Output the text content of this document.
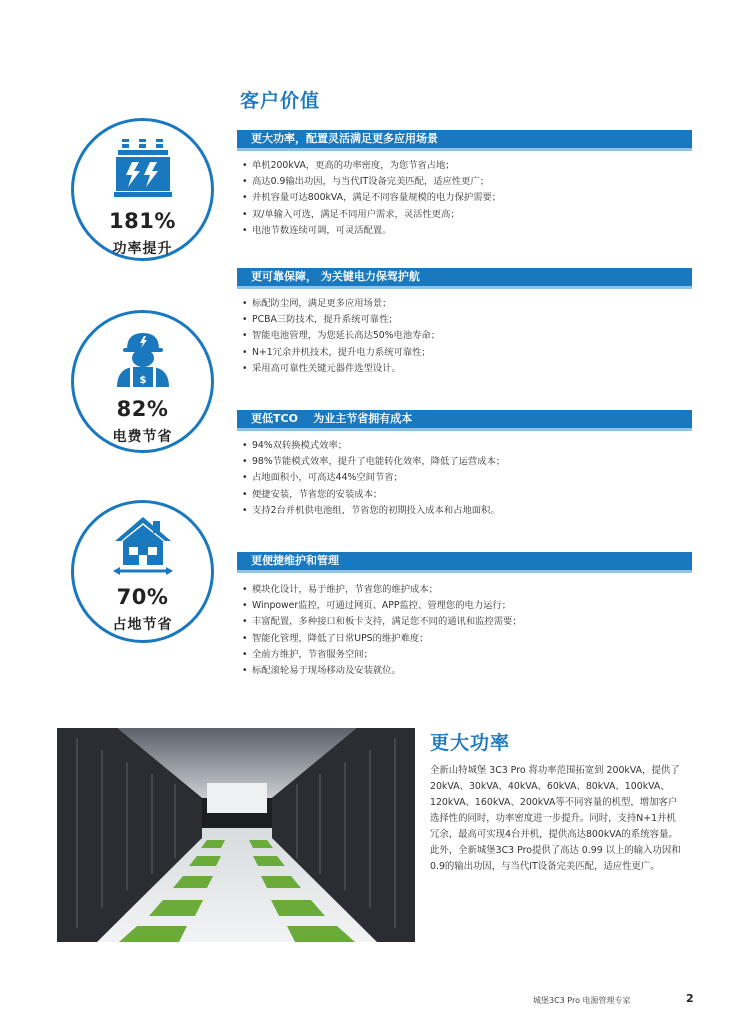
客户价值
181%
功率提升
$
82%
电费节省
70%
占地节省
更大功率，配置灵活满足更多应用场景
• 单机200kVA，更高的功率密度，为您节省占地；
• 高达0.9输出功因，与当代IT设备完美匹配，适应性更广；
• 并机容量可达800kVA，满足不同容量规模的电力保护需要；
• 双/单输入可选，满足不同用户需求，灵活性更高；
• 电池节数连续可调，可灵活配置。
更可靠保障， 为关键电力保驾护航
• 标配防尘网，满足更多应用场景；
• PCBA三防技术，提升系统可靠性；
• 智能电池管理，为您延长高达50%电池寿命；
• N+1冗余并机技术，提升电力系统可靠性；
• 采用高可靠性关键元器件选型设计。
更低TCO    为业主节省拥有成本
• 94%双转换模式效率；
• 98%节能模式效率，提升了电能转化效率，降低了运营成本；
• 占地面积小，可高达44%空间节省；
• 便捷安装，节省您的安装成本；
• 支持2台并机供电池组，节省您的初期投入成本和占地面积。
更便捷维护和管理
• 模块化设计，易于维护，节省您的维护成本；
• Winpower监控，可通过网页、APP监控、管理您的电力运行；
• 丰富配置，多种接口和板卡支持，满足您不同的通讯和监控需要；
• 智能化管理，降低了日常UPS的维护难度；
• 全前方维护，节省服务空间；
• 标配滚轮易于现场移动及安装就位。
更大功率
全新山特城堡 3C3 Pro 将功率范围拓宽到 200kVA，提供了
20kVA、30kVA、40kVA、60kVA、80kVA、100kVA、
120kVA、160kVA、200kVA等不同容量的机型，增加客户
选择性的同时，功率密度进一步提升。同时，支持N+1并机
冗余，最高可实现4台并机，提供高达800kVA的系统容量。
此外，全新城堡3C3 Pro提供了高达 0.99 以上的输入功因和
0.9的输出功因，与当代IT设备完美匹配，适应性更广。
城堡3C3 Pro 电源管理专家	2
